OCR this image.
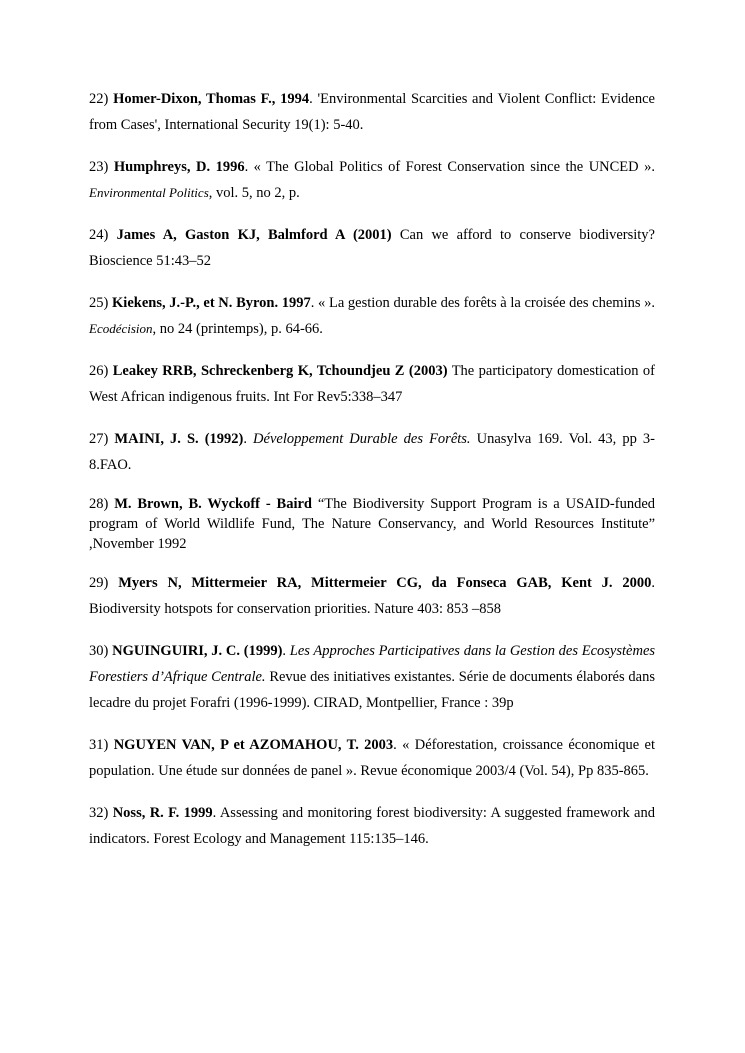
22) Homer-Dixon, Thomas F., 1994. 'Environmental Scarcities and Violent Conflict: Evidence from Cases', International Security 19(1): 5-40.

23) Humphreys, D. 1996. « The Global Politics of Forest Conservation since the UNCED ». Environmental Politics, vol. 5, no 2, p.

24) James A, Gaston KJ, Balmford A (2001) Can we afford to conserve biodiversity? Bioscience 51:43–52

25) Kiekens, J.-P., et N. Byron. 1997. « La gestion durable des forêts à la croisée des chemins ». Ecodécision, no 24 (printemps), p. 64-66.

26) Leakey RRB, Schreckenberg K, Tchoundjeu Z (2003) The participatory domestication of West African indigenous fruits. Int For Rev5:338–347

27) MAINI, J. S. (1992). Développement Durable des Forêts. Unasylva 169. Vol. 43, pp 3-8.FAO.

28) M. Brown, B. Wyckoff - Baird “The Biodiversity Support Program is a USAID-funded program of World Wildlife Fund, The Nature Conservancy, and World Resources Institute” ,November 1992

29) Myers N, Mittermeier RA, Mittermeier CG, da Fonseca GAB, Kent J. 2000. Biodiversity hotspots for conservation priorities. Nature 403: 853 –858

30) NGUINGUIRI, J. C. (1999). Les Approches Participatives dans la Gestion des Ecosystèmes Forestiers d’Afrique Centrale. Revue des initiatives existantes. Série de documents élaborés dans lecadre du projet Forafri (1996-1999). CIRAD, Montpellier, France : 39p

31) NGUYEN VAN, P et AZOMAHOU, T. 2003. « Déforestation, croissance économique et population. Une étude sur données de panel ». Revue économique 2003/4 (Vol. 54), Pp 835-865.

32) Noss, R. F. 1999. Assessing and monitoring forest biodiversity: A suggested framework and indicators. Forest Ecology and Management 115:135–146.
